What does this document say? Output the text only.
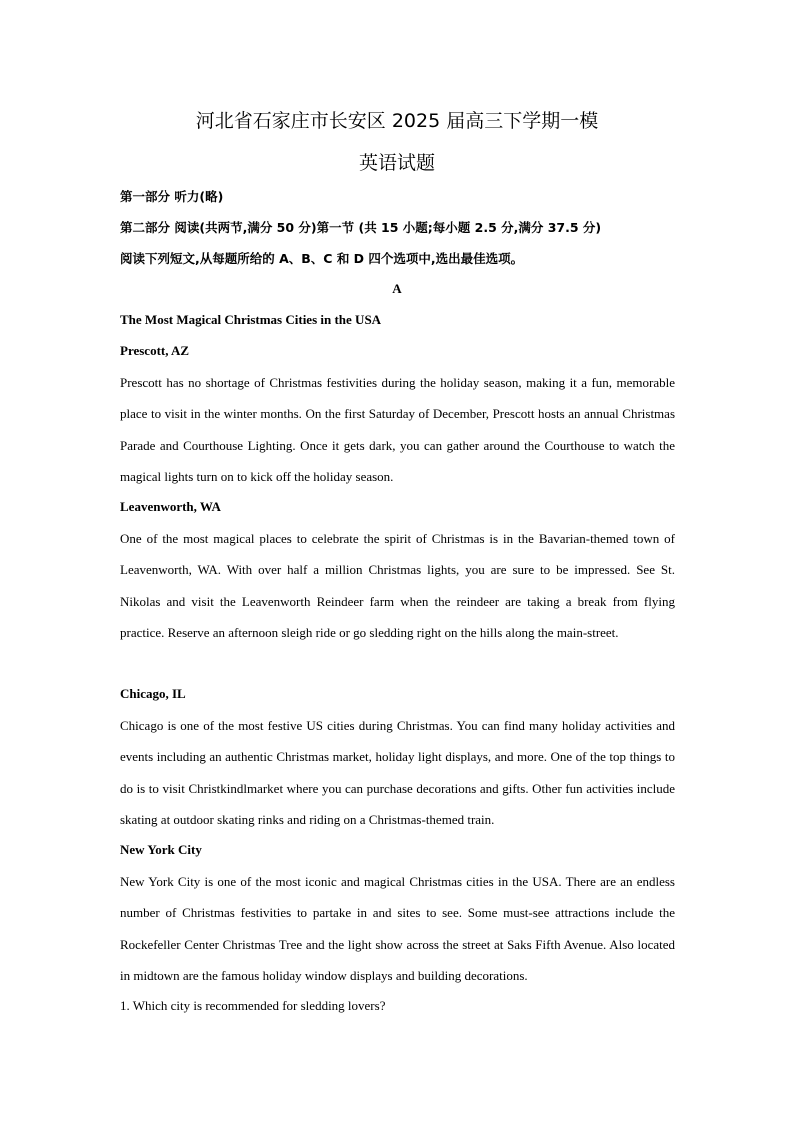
河北省石家庄市长安区 2025 届高三下学期一模
英语试题
第一部分 听力(略)
第二部分 阅读(共两节,满分 50 分)第一节 (共 15 小题;每小题 2.5 分,满分 37.5 分)
阅读下列短文,从每题所给的 A、B、C 和 D 四个选项中,选出最佳选项。
A
The Most Magical Christmas Cities in the USA
Prescott, AZ

Prescott has no shortage of Christmas festivities during the holiday season, making it a fun, memorable place to visit in the winter months. On the first Saturday of December, Prescott hosts an annual Christmas Parade and Courthouse Lighting. Once it gets dark, you can gather around the Courthouse to watch the magical lights turn on to kick off the holiday season.

Leavenworth, WA

One of the most magical places to celebrate the spirit of Christmas is in the Bavarian-themed town of Leavenworth, WA. With over half a million Christmas lights, you are sure to be impressed. See St. Nikolas and visit the Leavenworth Reindeer farm when the reindeer are taking a break from flying practice. Reserve an afternoon sleigh ride or go sledding right on the hills along the main-street.

Chicago, IL

Chicago is one of the most festive US cities during Christmas. You can find many holiday activities and events including an authentic Christmas market, holiday light displays, and more. One of the top things to do is to visit Christkindlmarket where you can purchase decorations and gifts. Other fun activities include skating at outdoor skating rinks and riding on a Christmas-themed train.

New York City

New York City is one of the most iconic and magical Christmas cities in the USA. There are an endless number of Christmas festivities to partake in and sites to see. Some must-see attractions include the Rockefeller Center Christmas Tree and the light show across the street at Saks Fifth Avenue. Also located in midtown are the famous holiday window displays and building decorations.

1. Which city is recommended for sledding lovers?
